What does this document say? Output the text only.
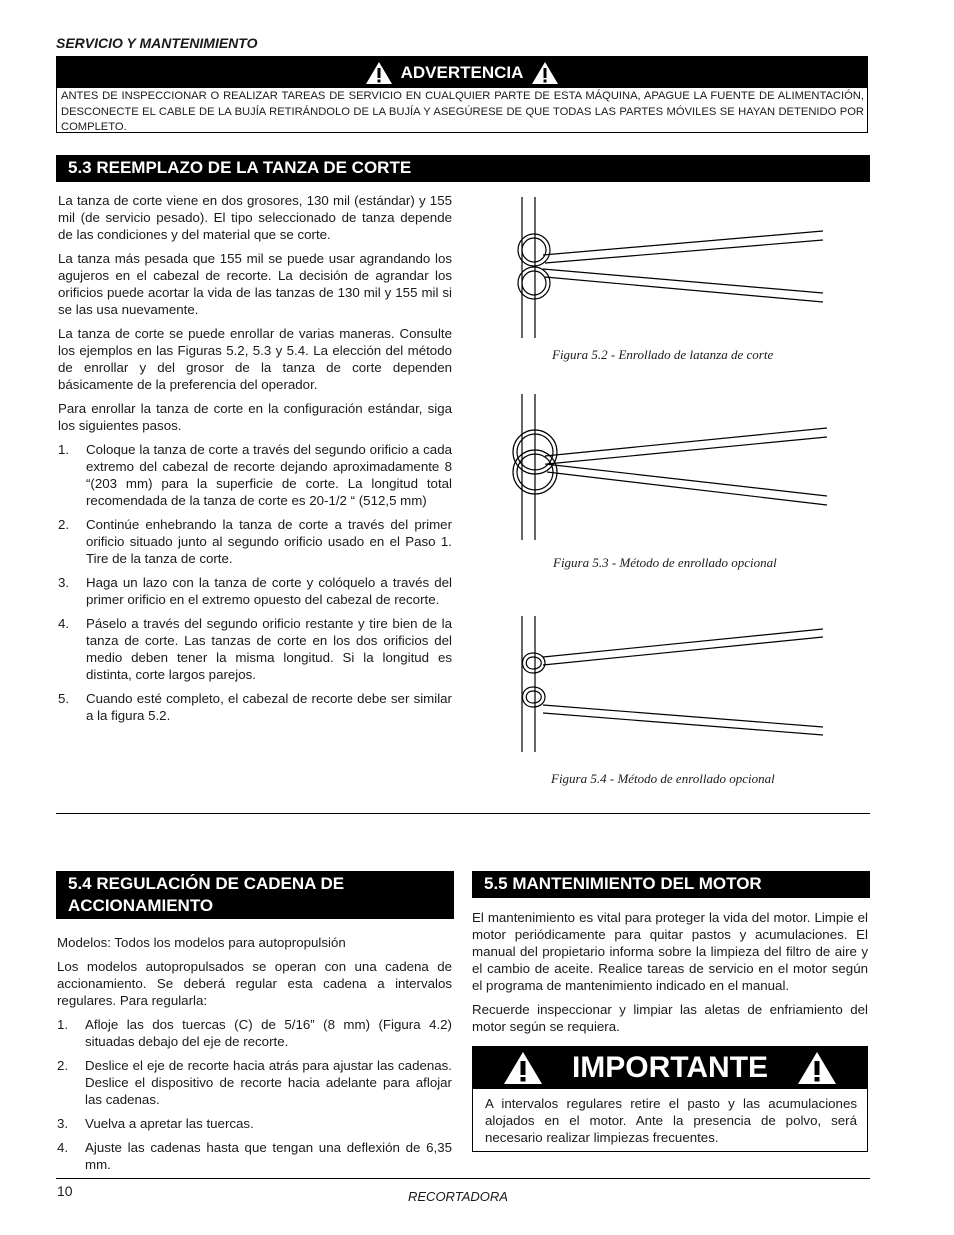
SERVICIO Y MANTENIMIENTO
ADVERTENCIA
ANTES DE INSPECCIONAR O REALIZAR TAREAS DE SERVICIO EN CUALQUIER PARTE DE ESTA MÁQUINA, APAGUE LA FUENTE DE ALIMENTACIÓN, DESCONECTE EL CABLE DE LA BUJÍA RETIRÁNDOLO DE LA BUJÍA Y ASEGÚRESE DE QUE TODAS LAS PARTES MÓVILES SE HAYAN DETENIDO POR COMPLETO.
5.3 REEMPLAZO DE LA TANZA DE CORTE

La tanza de corte viene en dos grosores, 130 mil (estándar) y 155 mil (de servicio pesado). El tipo seleccionado de tanza depende de las condiciones y del material que se corte.

La tanza más pesada que 155 mil se puede usar agrandando los agujeros en el cabezal de recorte. La decisión de agrandar los orificios puede acortar la vida de las tanzas de 130 mil y 155 mil si se las usa nuevamente.

La tanza de corte se puede enrollar de varias maneras. Consulte los ejemplos en las Figuras 5.2, 5.3 y 5.4. La elección del método de enrollar y del grosor de la tanza de corte dependen básicamente de la preferencia del operador.

Para enrollar la tanza de corte en la configuración estándar, siga los siguientes pasos.

1.	Coloque la tanza de corte a través del segundo orificio a cada extremo del cabezal de recorte dejando aproximadamente 8 “(203 mm) para la superficie de corte. La longitud total recomendada de la tanza de corte es 20-1/2 “ (512,5 mm)
2.	Continúe enhebrando la tanza de corte a través del primer orificio situado junto al segundo orificio usado en el Paso 1. Tire de la tanza de corte.
3.	Haga un lazo con la tanza de corte y colóquelo a través del primer orificio en el extremo opuesto del cabezal de recorte.
4.	Páselo a través del segundo orificio restante y tire bien de la tanza de corte. Las tanzas de corte en los dos orificios del medio deben tener la misma longitud. Si la longitud es distinta, corte largos parejos.
5.	Cuando esté completo, el cabezal de recorte debe ser similar a la figura 5.2.
Figura 5.2 - Enrollado de latanza de corte
Figura 5.3 - Método de enrollado opcional
Figura 5.4 - Método de enrollado opcional
5.4 REGULACIÓN DE CADENA DE
ACCIONAMIENTO

Modelos: Todos los modelos para autopropulsión

Los modelos autopropulsados se operan con una cadena de accionamiento. Se deberá regular esta cadena a intervalos regulares. Para regularla:

1.	Afloje las dos tuercas (C) de 5/16” (8 mm) (Figura 4.2) situadas debajo del eje de recorte.
2.	Deslice el eje de recorte hacia atrás para ajustar las cadenas. Deslice el dispositivo de recorte hacia adelante para aflojar las cadenas.
3.	Vuelva a apretar las tuercas.
4.	Ajuste las cadenas hasta que tengan una deflexión de 6,35 mm.
5.5 MANTENIMIENTO DEL MOTOR

El mantenimiento es vital para proteger la vida del motor. Limpie el motor periódicamente para quitar pastos y acumulaciones. El manual del propietario informa sobre la limpieza del filtro de aire y el cambio de aceite. Realice tareas de servicio en el motor según el programa de mantenimiento indicado en el manual.

Recuerde inspeccionar y limpiar las aletas de enfriamiento del motor según se requiera.

IMPORTANTE
A intervalos regulares retire el pasto y las acumulaciones alojados en el motor. Ante la presencia de polvo, será necesario realizar limpiezas frecuentes.
10	RECORTADORA
